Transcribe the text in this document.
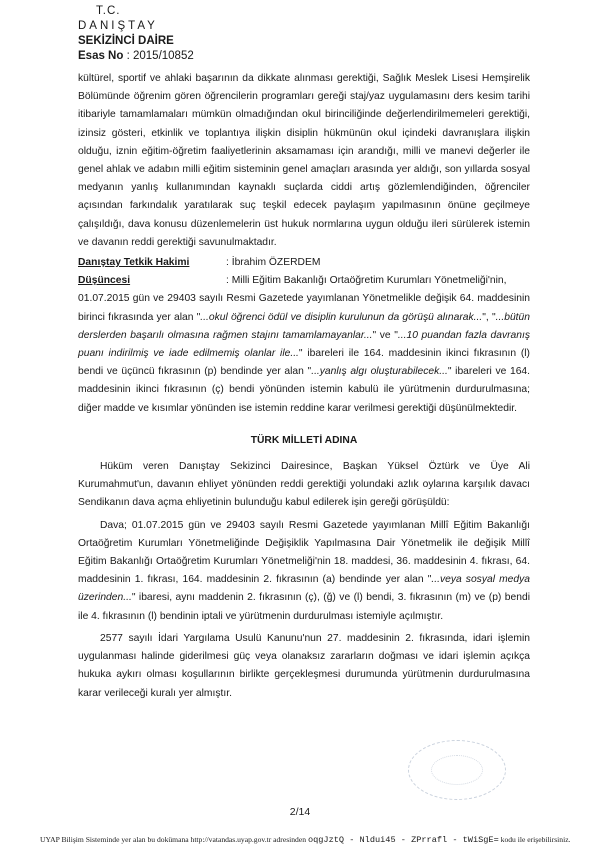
T.C.
DANIŞTAY
SEKİZİNCİ DAİRE
Esas No : 2015/10852

kültürel, sportif ve ahlaki başarının da dikkate alınması gerektiği, Sağlık Meslek Lisesi Hemşirelik Bölümünde öğrenim gören öğrencilerin programları gereği staj/yaz uygulamasını ders kesim tarihi itibariyle tamamlamaları mümkün olmadığından okul birinciliğinde değerlendirilmemeleri gerektiği, izinsiz gösteri, etkinlik ve toplantıya ilişkin disiplin hükmünün okul içindeki davranışlara ilişkin olduğu, iznin eğitim-öğretim faaliyetlerinin aksamaması için arandığı, milli ve manevi değerler ile genel ahlak ve adabın milli eğitim sisteminin genel amaçları arasında yer aldığı, son yıllarda sosyal medyanın yanlış kullanımından kaynaklı suçlarda ciddi artış gözlemlendiğinden, öğrenciler açısından farkındalık yaratılarak suç teşkil edecek paylaşım yapılmasının önüne geçilmeye çalışıldığı, dava konusu düzenlemelerin üst hukuk normlarına uygun olduğu ileri sürülerek istemin ve davanın reddi gerektiği savunulmaktadır.

Danıştay Tetkik Hakimi	: İbrahim ÖZERDEM
Düşüncesi	: Milli Eğitim Bakanlığı Ortaöğretim Kurumları Yönetmeliği'nin,

01.07.2015 gün ve 29403 sayılı Resmi Gazetede yayımlanan Yönetmelikle değişik 64. maddesinin birinci fıkrasında yer alan "...okul öğrenci ödül ve disiplin kurulunun da görüşü alınarak...", "...bütün derslerden başarılı olmasına rağmen stajını tamamlamayanlar..." ve "...10 puandan fazla davranış puanı indirilmiş ve iade edilmemiş olanlar ile..." ibareleri ile 164. maddesinin ikinci fıkrasının (l) bendi ve üçüncü fıkrasının (p) bendinde yer alan "...yanlış algı oluşturabilecek..." ibareleri ve 164. maddesinin ikinci fıkrasının (ç) bendi yönünden istemin kabulü ile yürütmenin durdurulmasına; diğer madde ve kısımlar yönünden ise istemin reddine karar verilmesi gerektiği düşünülmektedir.

TÜRK MİLLETİ ADINA

Hüküm veren Danıştay Sekizinci Dairesince, Başkan Yüksel Öztürk ve Üye Ali Kurumahmut'un, davanın ehliyet yönünden reddi gerektiği yolundaki azlık oylarına karşılık davacı Sendikanın dava açma ehliyetinin bulunduğu kabul edilerek işin gereği görüşüldü:

Dava; 01.07.2015 gün ve 29403 sayılı Resmi Gazetede yayımlanan Millî Eğitim Bakanlığı Ortaöğretim Kurumları Yönetmeliğinde Değişiklik Yapılmasına Dair Yönetmelik ile değişik Millî Eğitim Bakanlığı Ortaöğretim Kurumları Yönetmeliği'nin 18. maddesi, 36. maddesinin 4. fıkrası, 64. maddesinin 1. fıkrası, 164. maddesinin 2. fıkrasının (a) bendinde yer alan "...veya sosyal medya üzerinden..." ibaresi, aynı maddenin 2. fıkrasının (ç), (ğ) ve (l) bendi, 3. fıkrasının (m) ve (p) bendi ile 4. fıkrasının (l) bendinin iptali ve yürütmenin durdurulması istemiyle açılmıştır.

2577 sayılı İdari Yargılama Usulü Kanunu'nun 27. maddesinin 2. fıkrasında, idari işlemin uygulanması halinde giderilmesi güç veya olanaksız zararların doğması ve idari işlemin açıkça hukuka aykırı olması koşullarının birlikte gerçekleşmesi durumunda yürütmenin durdurulmasına karar verileceği kuralı yer almıştır.

2/14
UYAP Bilişim Sisteminde yer alan bu dokümana http://vatandas.uyap.gov.tr adresinden oqgJztQ - Nldui45 - ZPrrafl - tWiSgE= kodu ile erişebilirsiniz.
